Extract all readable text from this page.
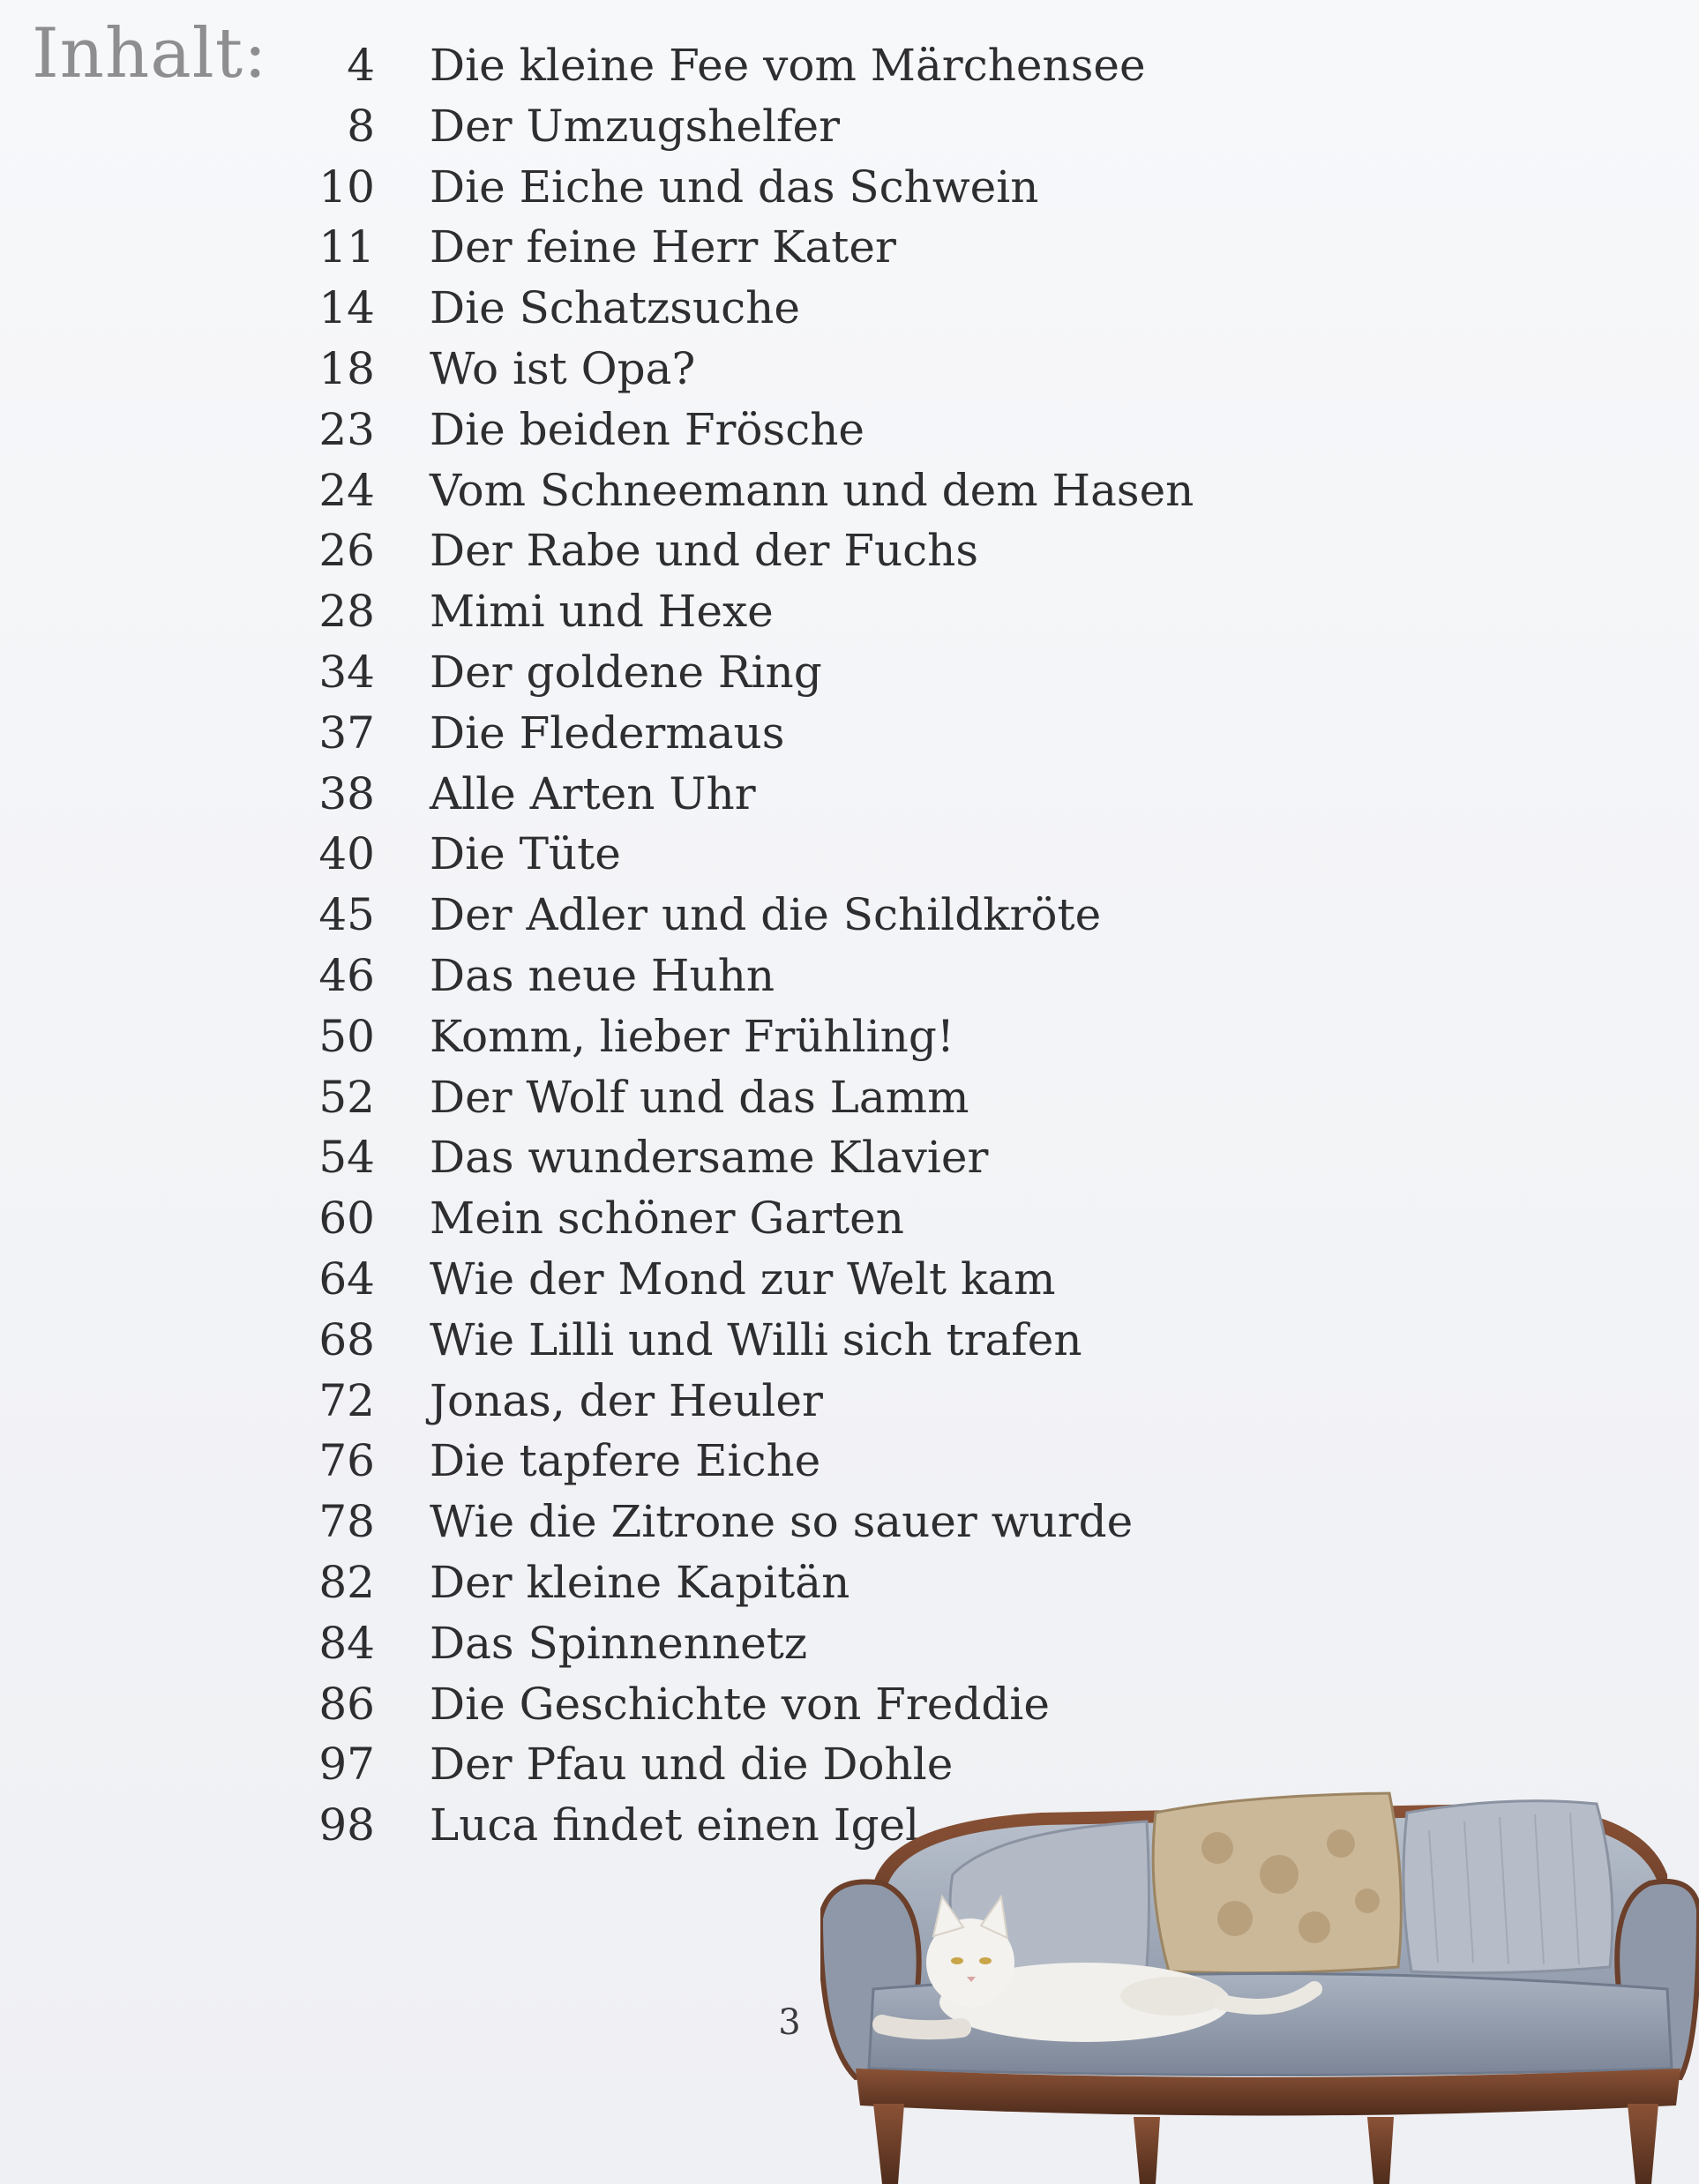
Inhalt:	4 Die kleine Fee vom Märchensee
8 Der Umzugshelfer
10 Die Eiche und das Schwein
11 Der feine Herr Kater
14 Die Schatzsuche
18 Wo ist Opa?
23 Die beiden Frösche
24 Vom Schneemann und dem Hasen
26 Der Rabe und der Fuchs
28 Mimi und Hexe
34 Der goldene Ring
37 Die Fledermaus
38 Alle Arten Uhr
40 Die Tüte
45 Der Adler und die Schildkröte
46 Das neue Huhn
50 Komm, lieber Frühling!
52 Der Wolf und das Lamm
54 Das wundersame Klavier
60 Mein schöner Garten
64 Wie der Mond zur Welt kam
68 Wie Lilli und Willi sich trafen
72 Jonas, der Heuler
76 Die tapfere Eiche
78 Wie die Zitrone so sauer wurde
82 Der kleine Kapitän
84 Das Spinnennetz
86 Die Geschichte von Freddie
97 Der Pfau und die Dohle
98 Luca findet einen Igel
3
